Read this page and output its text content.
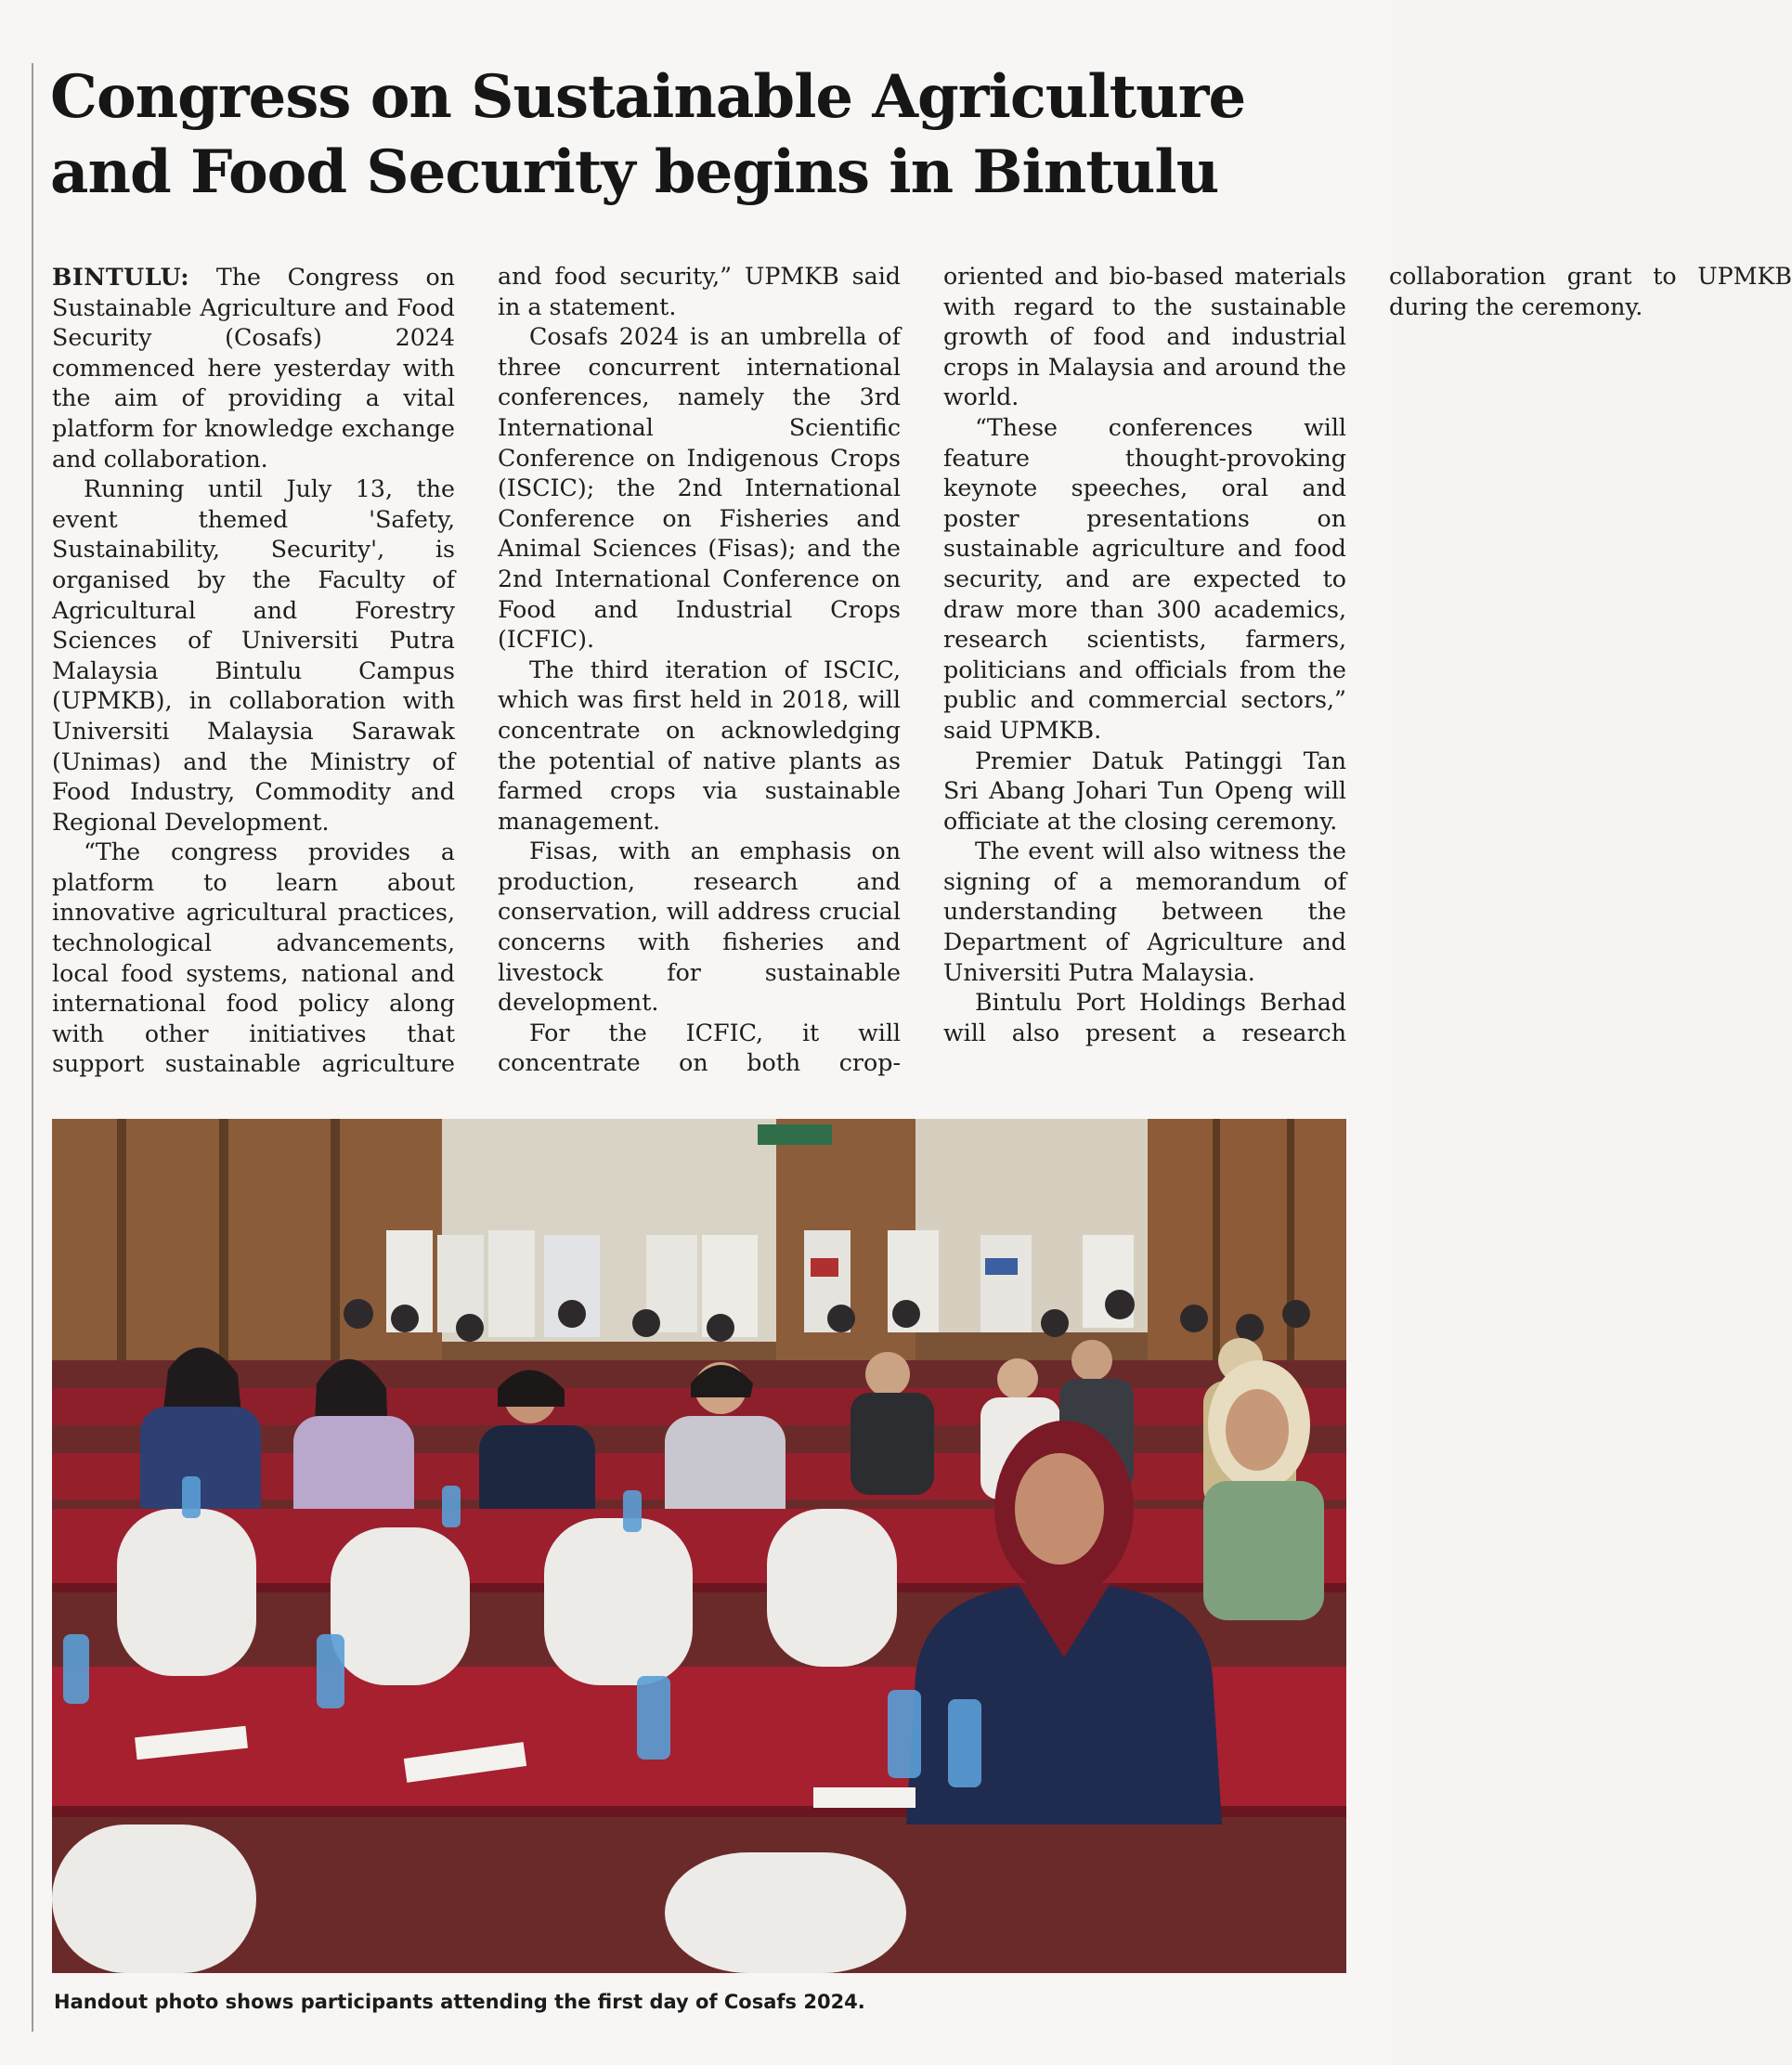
Congress on Sustainable Agriculture and Food Security begins in Bintulu

BINTULU: The Congress on Sustainable Agriculture and Food Security (Cosafs) 2024 commenced here yesterday with the aim of providing a vital platform for knowledge exchange and collaboration.

Running until July 13, the event themed 'Safety, Sustainability, Security', is organised by the Faculty of Agricultural and Forestry Sciences of Universiti Putra Malaysia Bintulu Campus (UPMKB), in collaboration with Universiti Malaysia Sarawak (Unimas) and the Ministry of Food Industry, Commodity and Regional Development.

“The congress provides a platform to learn about innovative agricultural practices, technological advancements, local food systems, national and international food policy along with other initiatives that support sustainable agriculture and food security,” UPMKB said in a statement.

Cosafs 2024 is an umbrella of three concurrent international conferences, namely the 3rd International Scientific Conference on Indigenous Crops (ISCIC); the 2nd International Conference on Fisheries and Animal Sciences (Fisas); and the 2nd International Conference on Food and Industrial Crops (ICFIC).

The third iteration of ISCIC, which was first held in 2018, will concentrate on acknowledging the potential of native plants as farmed crops via sustainable management.

Fisas, with an emphasis on production, research and conservation, will address crucial concerns with fisheries and livestock for sustainable development.

For the ICFIC, it will concentrate on both crop-oriented and bio-based materials with regard to the sustainable growth of food and industrial crops in Malaysia and around the world.

“These conferences will feature thought-provoking keynote speeches, oral and poster presentations on sustainable agriculture and food security, and are expected to draw more than 300 academics, research scientists, farmers, politicians and officials from the public and commercial sectors,” said UPMKB.

Premier Datuk Patinggi Tan Sri Abang Johari Tun Openg will officiate at the closing ceremony.

The event will also witness the signing of a memorandum of understanding between the Department of Agriculture and Universiti Putra Malaysia.

Bintulu Port Holdings Berhad will also present a research collaboration grant to UPMKB during the ceremony.

Handout photo shows participants attending the first day of Cosafs 2024.
